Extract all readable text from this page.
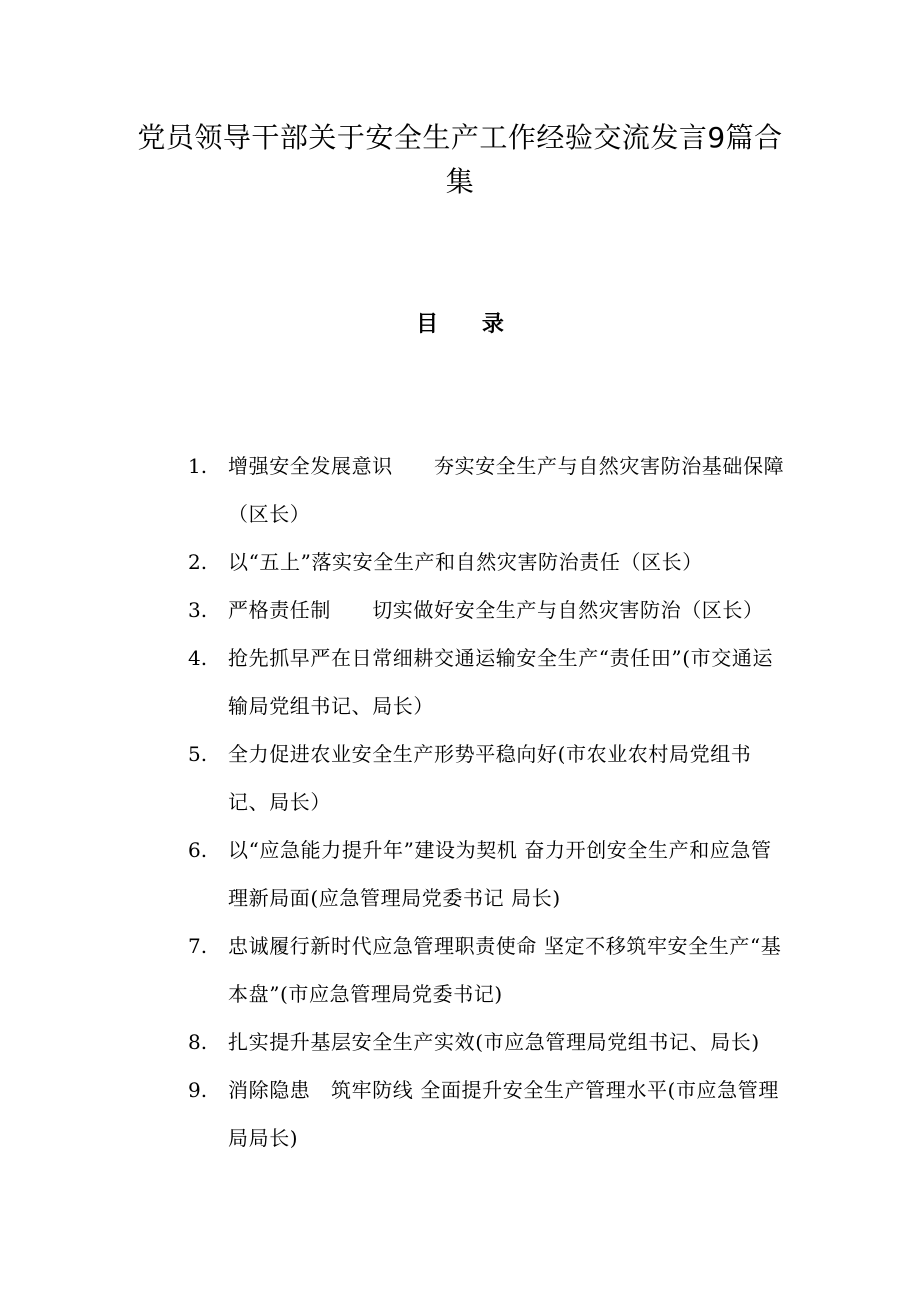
党员领导干部关于安全生产工作经验交流发言9篇合集
目 录
1.	增强安全发展意识　　夯实安全生产与自然灾害防治基础保障（区长）
2.	以“五上”落实安全生产和自然灾害防治责任（区长）
3.	严格责任制　　切实做好安全生产与自然灾害防治（区长）
4.	抢先抓早严在日常细耕交通运输安全生产“责任田”(市交通运输局党组书记、局长）
5.	全力促进农业安全生产形势平稳向好(市农业农村局党组书记、局长）
6.	以“应急能力提升年”建设为契机 奋力开创安全生产和应急管理新局面(应急管理局党委书记 局长)
7.	忠诚履行新时代应急管理职责使命 坚定不移筑牢安全生产“基本盘”(市应急管理局党委书记)
8.	扎实提升基层安全生产实效(市应急管理局党组书记、局长)
9.	消除隐患　筑牢防线 全面提升安全生产管理水平(市应急管理局局长)
